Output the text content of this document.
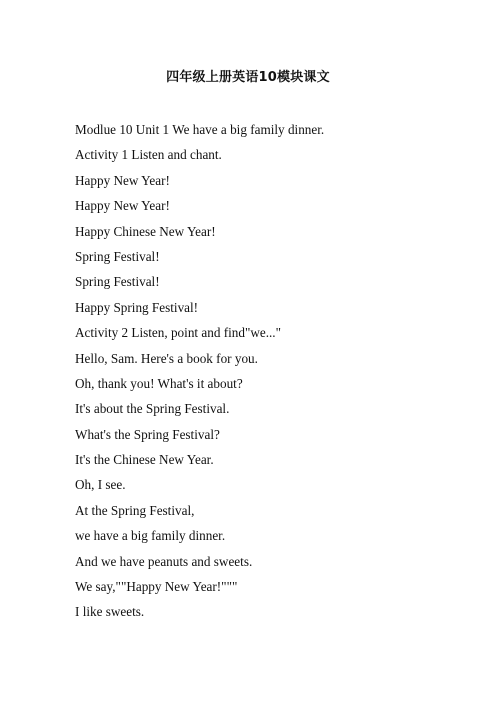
四年级上册英语10模块课文
Modlue 10 Unit 1 We have a big family dinner.
Activity 1 Listen and chant.
Happy New Year!
Happy New Year!
Happy Chinese New Year!
Spring Festival!
Spring Festival!
Happy Spring Festival!
Activity 2 Listen, point and find"we..."
Hello, Sam. Here's a book for you.
Oh, thank you! What's it about?
It's about the Spring Festival.
What's the Spring Festival?
It's the Chinese New Year.
Oh, I see.
At the Spring Festival,
we have a big family dinner.
And we have peanuts and sweets.
We say,""Happy New Year!"""
I like sweets.
